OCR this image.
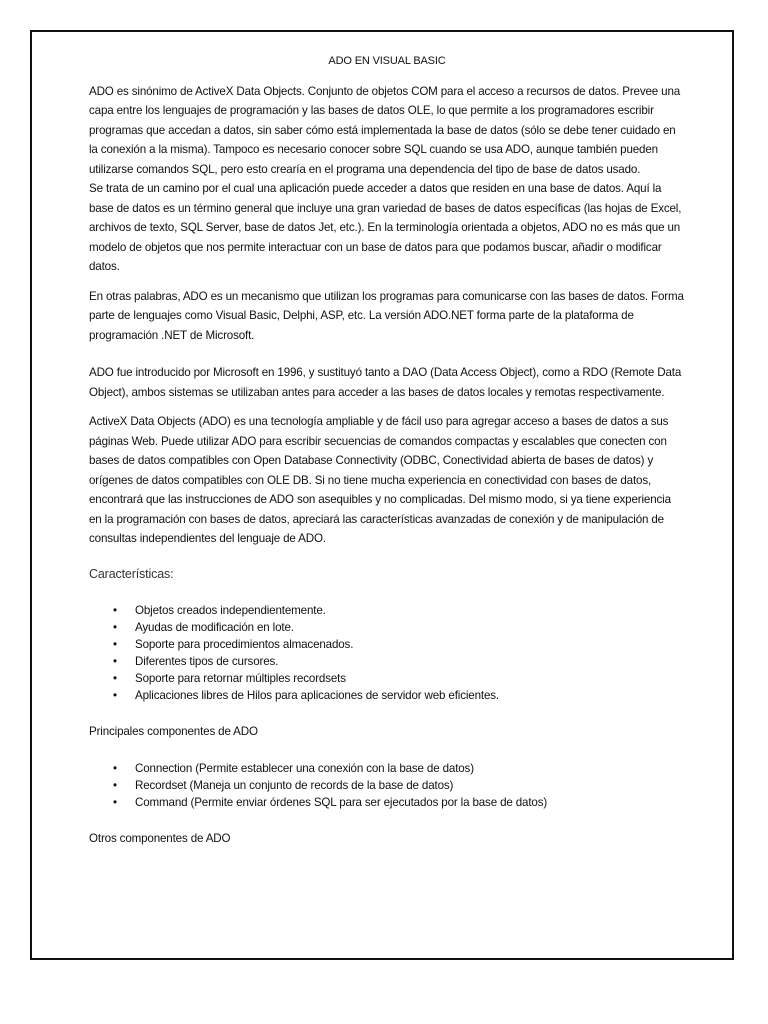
ADO EN VISUAL BASIC

ADO es sinónimo de ActiveX Data Objects. Conjunto de objetos COM para el acceso a recursos de datos. Prevee una capa entre los lenguajes de programación y las bases de datos OLE, lo que permite a los programadores escribir programas que accedan a datos, sin saber cómo está implementada la base de datos (sólo se debe tener cuidado en la conexión a la misma). Tampoco es necesario conocer sobre SQL cuando se usa ADO, aunque también pueden utilizarse comandos SQL, pero esto crearía en el programa una dependencia del tipo de base de datos usado.

Se trata de un camino por el cual una aplicación puede acceder a datos que residen en una base de datos. Aquí la base de datos es un término general que incluye una gran variedad de bases de datos específicas (las hojas de Excel, archivos de texto, SQL Server, base de datos Jet, etc.). En la terminología orientada a objetos, ADO no es más que un modelo de objetos que nos permite interactuar con un base de datos para que podamos buscar, añadir o modificar datos.

En otras palabras, ADO es un mecanismo que utilizan los programas para comunicarse con las bases de datos. Forma parte de lenguajes como Visual Basic, Delphi, ASP, etc. La versión ADO.NET forma parte de la plataforma de programación .NET de Microsoft.

ADO fue introducido por Microsoft en 1996, y sustituyó tanto a DAO (Data Access Object), como a RDO (Remote Data Object), ambos sistemas se utilizaban antes para acceder a las bases de datos locales y remotas respectivamente.

ActiveX Data Objects (ADO) es una tecnología ampliable y de fácil uso para agregar acceso a bases de datos a sus páginas Web. Puede utilizar ADO para escribir secuencias de comandos compactas y escalables que conecten con bases de datos compatibles con Open Database Connectivity (ODBC, Conectividad abierta de bases de datos) y orígenes de datos compatibles con OLE DB. Si no tiene mucha experiencia en conectividad con bases de datos, encontrará que las instrucciones de ADO son asequibles y no complicadas. Del mismo modo, si ya tiene experiencia en la programación con bases de datos, apreciará las características avanzadas de conexión y de manipulación de consultas independientes del lenguaje de ADO.

Características:

• Objetos creados independientemente.
• Ayudas de modificación en lote.
• Soporte para procedimientos almacenados.
• Diferentes tipos de cursores.
• Soporte para retornar múltiples recordsets
• Aplicaciones libres de Hilos para aplicaciones de servidor web eficientes.

Principales componentes de ADO

• Connection (Permite establecer una conexión con la base de datos)
• Recordset (Maneja un conjunto de records de la base de datos)
• Command (Permite enviar órdenes SQL para ser ejecutados por la base de datos)

Otros componentes de ADO
